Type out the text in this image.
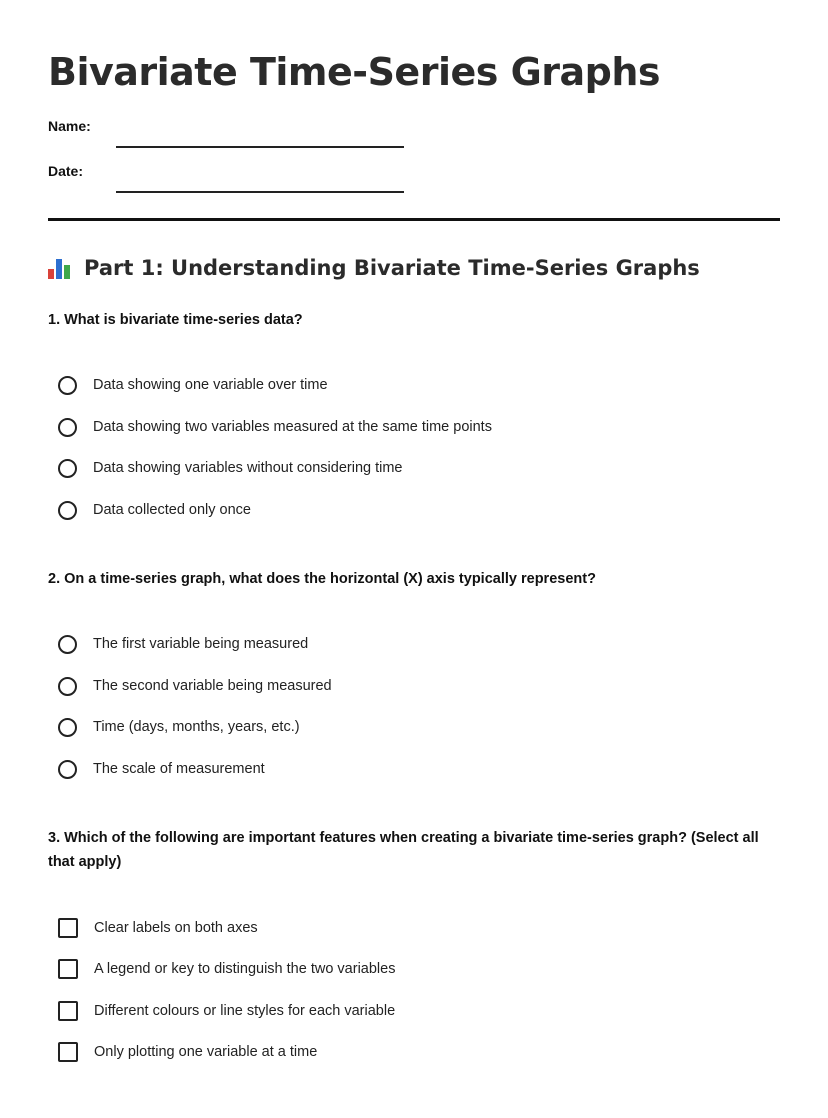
Bivariate Time-Series Graphs
Name:
Date:
Part 1: Understanding Bivariate Time-Series Graphs

1. What is bivariate time-series data?

Data showing one variable over time
Data showing two variables measured at the same time points
Data showing variables without considering time
Data collected only once

2. On a time-series graph, what does the horizontal (X) axis typically represent?

The first variable being measured
The second variable being measured
Time (days, months, years, etc.)
The scale of measurement

3. Which of the following are important features when creating a bivariate time-series graph? (Select all that apply)

Clear labels on both axes
A legend or key to distinguish the two variables
Different colours or line styles for each variable
Only plotting one variable at a time
